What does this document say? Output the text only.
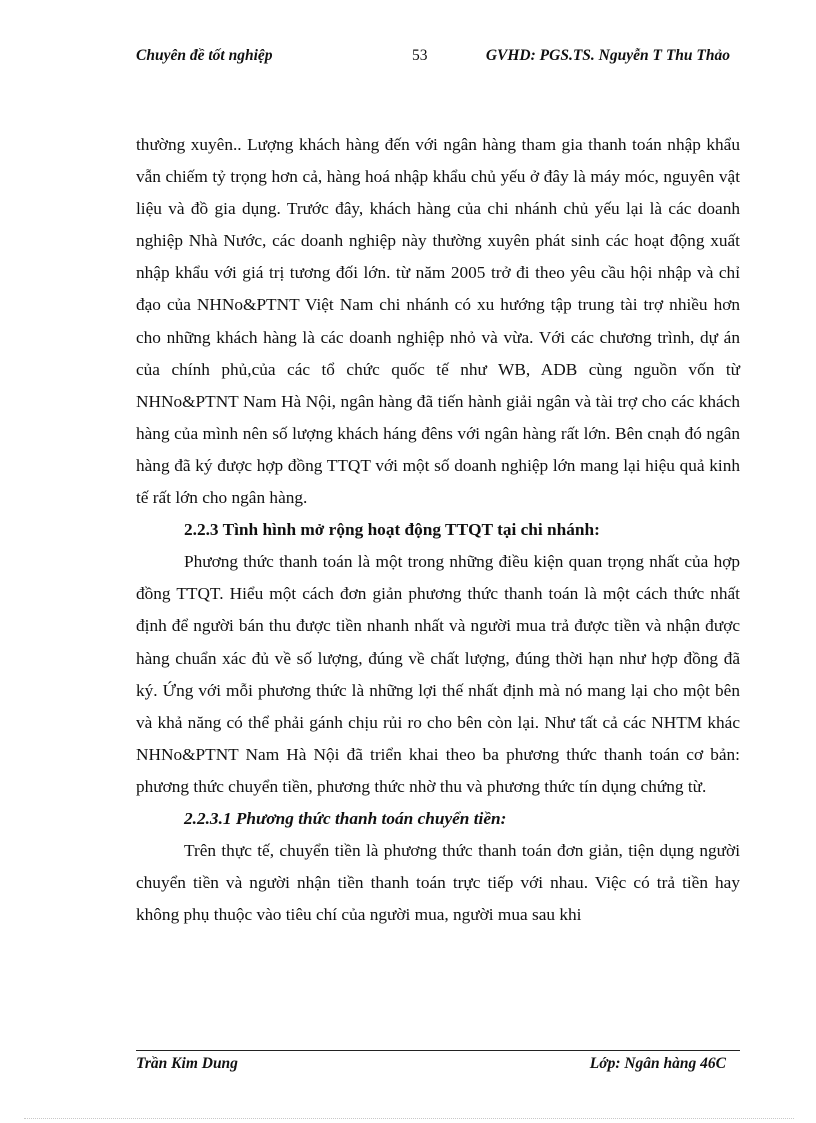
Chuyên đề tốt nghiệp	53	GVHD: PGS.TS. Nguyễn T Thu Thảo

thường xuyên.. Lượng khách hàng đến với ngân hàng tham gia thanh toán nhập khẩu vẫn chiếm tỷ trọng hơn cả, hàng hoá nhập khẩu chủ yếu ở đây là máy móc, nguyên vật liệu và đồ gia dụng. Trước đây, khách hàng của chi nhánh chủ yếu lại là các doanh nghiệp Nhà Nước, các doanh nghiệp này thường xuyên phát sinh các hoạt động xuất nhập khẩu với giá trị tương đối lớn. từ năm 2005 trở đi theo yêu cầu hội nhập và chỉ đạo của NHNo&PTNT Việt Nam chi nhánh có xu hướng tập trung tài trợ nhiều hơn cho những khách hàng là các doanh nghiệp nhỏ và vừa. Với các chương trình, dự án của chính phủ,của các tổ chức quốc tế như WB, ADB cùng nguồn vốn từ NHNo&PTNT Nam Hà Nội, ngân hàng đã tiến hành giải ngân và tài trợ cho các khách hàng của mình nên số lượng khách háng đêns với ngân hàng rất lớn. Bên cnạh đó ngân hàng đã ký được hợp đồng TTQT với một số doanh nghiệp lớn mang lại hiệu quả kinh tế rất lớn cho ngân hàng.

2.2.3 Tình hình mở rộng hoạt động TTQT tại chi nhánh:

Phương thức thanh toán là một trong những điều kiện quan trọng nhất của hợp đồng TTQT. Hiểu một cách đơn giản phương thức thanh toán là một cách thức nhất định để người bán thu được tiền nhanh nhất và người mua trả được tiền và nhận được hàng chuẩn xác đủ về số lượng, đúng về chất lượng, đúng thời hạn như hợp đồng đã ký. Ứng với mỗi phương thức là những lợi thế nhất định mà nó mang lại cho một bên và khả năng có thể phải gánh chịu rủi ro cho bên còn lại. Như tất cả các NHTM khác NHNo&PTNT Nam Hà Nội đã triển khai theo ba phương thức thanh toán cơ bản: phương thức chuyển tiền, phương thức nhờ thu và phương thức tín dụng chứng từ.

2.2.3.1 Phương thức thanh toán chuyển tiền:

Trên thực tế, chuyển tiền là phương thức thanh toán đơn giản, tiện dụng người chuyển tiền và người nhận tiền thanh toán trực tiếp với nhau. Việc có trả tiền hay không phụ thuộc vào tiêu chí của người mua, người mua sau khi

Trần Kim Dung	Lớp: Ngân hàng 46C
